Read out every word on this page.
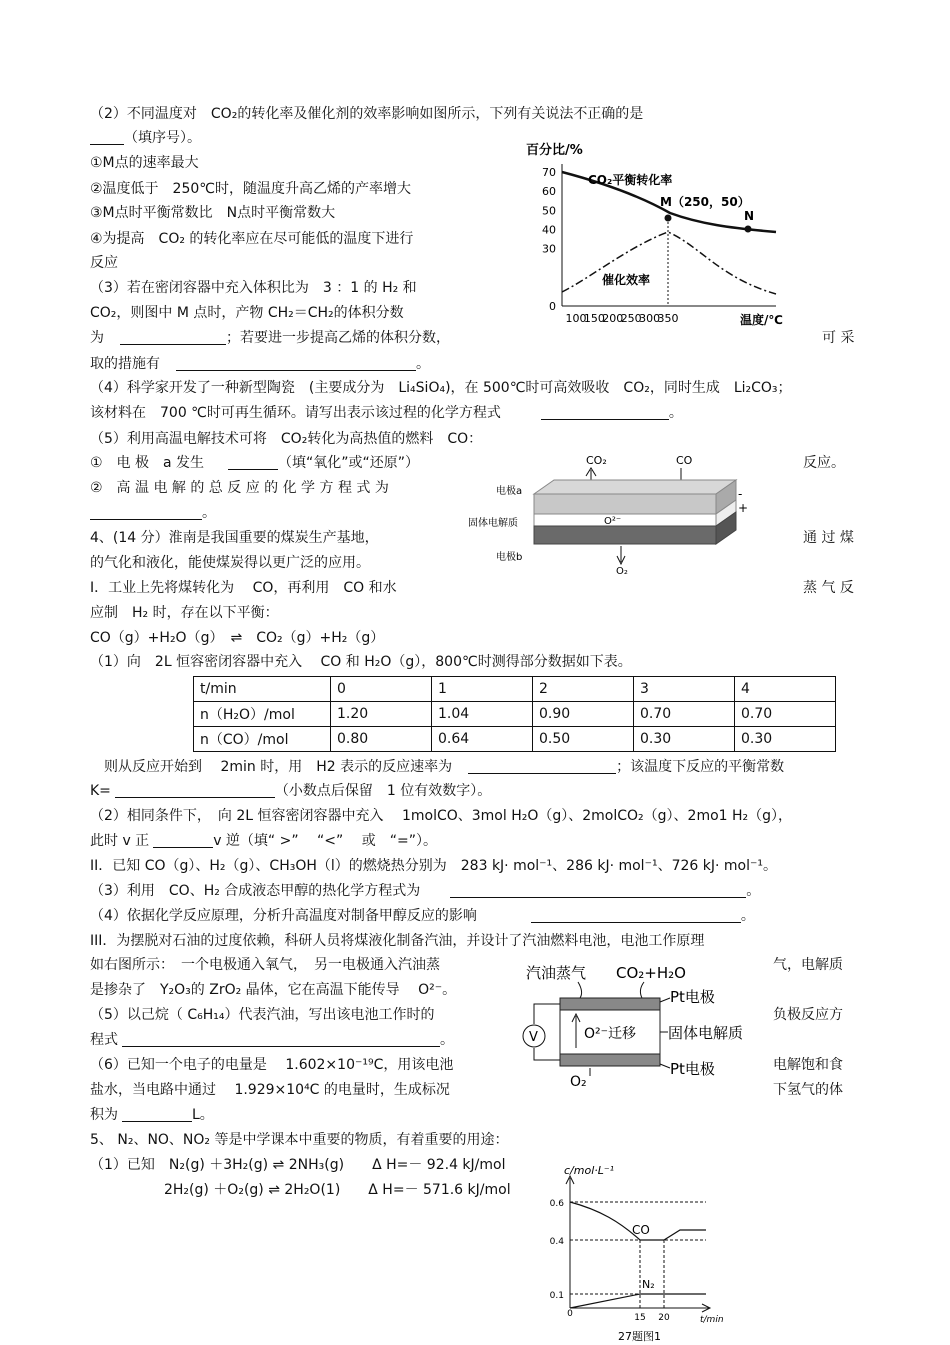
（2）不同温度对　CO₂的转化率及催化剂的效率影响如图所示，下列有关说法不正确的是
（填序号）。
①M点的速率最大
②温度低于　250℃时，随温度升高乙烯的产率增大
③M点时平衡常数比　N点时平衡常数大
④为提高　CO₂ 的转化率应在尽可能低的温度下进行
反应
（3）若在密闭容器中充入体积比为　3 ：1 的 H₂ 和
CO₂，则图中 M 点时，产物 CH₂＝CH₂的体积分数
为	；若要进一步提高乙烯的体积分数，	可 采
取的措施有	。
（4）科学家开发了一种新型陶瓷　(主要成分为　Li₄SiO₄)，在 500℃时可高效吸收　CO₂，同时生成　Li₂CO₃；
该材料在　700 ℃时可再生循环。请写出表示该过程的化学方程式	。
（5）利用高温电解技术可将　CO₂转化为高热值的燃料　CO：
①　电 极　a 发生	（填“氧化”或“还原”）	反应。
②　高 温 电 解 的 总 反 应 的 化 学 方 程 式 为
。
4、(14 分）淮南是我国重要的煤炭生产基地，	通 过 煤
的气化和液化，能使煤炭得以更广泛的应用。
I．工业上先将煤转化为　 CO，再利用　CO 和水	蒸 气 反
应制　H₂ 时，存在以下平衡：
CO（g）+H₂O（g）　⇌　CO₂（g）+H₂（g）
（1）向　2L 恒容密闭容器中充入　 CO 和 H₂O（g），800℃时测得部分数据如下表。
t/min	0	1	2	3	4
n（H₂O）/mol	1.20	1.04	0.90	0.70	0.70
n（CO）/mol	0.80	0.64	0.50	0.30	0.30
则从反应开始到　 2min 时，用　H2 表示的反应速率为	；该温度下反应的平衡常数
K=	（小数点后保留　1 位有效数字）。
（2）相同条件下，　向 2L 恒容密闭容器中充入　 1molCO、3mol H₂O（g）、2molCO₂（g）、2mo1 H₂（g），
此时 v 正	v 逆（填“ >” 　“<” 　或　“=”）。
II．已知 CO（g）、H₂（g）、CH₃OH（l）的燃烧热分别为　283 kJ· mol⁻¹、286 kJ· mol⁻¹、726 kJ· mol⁻¹。
（3）利用　CO、H₂ 合成液态甲醇的热化学方程式为	。
（4）依据化学反应原理，分析升高温度对制备甲醇反应的影响	。
III．为摆脱对石油的过度依赖，科研人员将煤液化制备汽油，并设计了汽油燃料电池，电池工作原理
如右图所示：　一个电极通入氧气，　另一电极通入汽油蒸	气，电解质
是掺杂了　Y₂O₃的 ZrO₂ 晶体，它在高温下能传导　 O²⁻。
（5）以己烷（ C₆H₁₄）代表汽油，写出该电池工作时的	负极反应方
程式	。
（6）已知一个电子的电量是　 1.602×10⁻¹⁹C，用该电池	电解饱和食
盐水，当电路中通过　 1.929×10⁴C 的电量时，生成标况	下氢气的体
积为	L。
5、 N₂、NO、NO₂ 等是中学课本中重要的物质，有着重要的用途：
（1）已知　N₂(g) ＋3H₂(g) ⇌ 2NH₃(g)　　Δ H=－ 92.4 kJ/mol
2H₂(g) ＋O₂(g) ⇌ 2H₂O(1)　　Δ H=－ 571.6 kJ/mol
百分比/%
70
60
50
40
30
0
100
150
200
250
300
350	温度/℃
CO₂平衡转化率
M（250，50）
N
催化效率
CO₂	CO
电极a
固体电解质
电极b
O²⁻
O₂
-
+
汽油蒸气 CO₂+H₂O
O²⁻迁移
Pt电极
固体电解质
Pt电极
O₂
V
c/mol·L⁻¹
0.6
0.4
0.1
0	15 20
CO
N₂
t/min
27题图1
